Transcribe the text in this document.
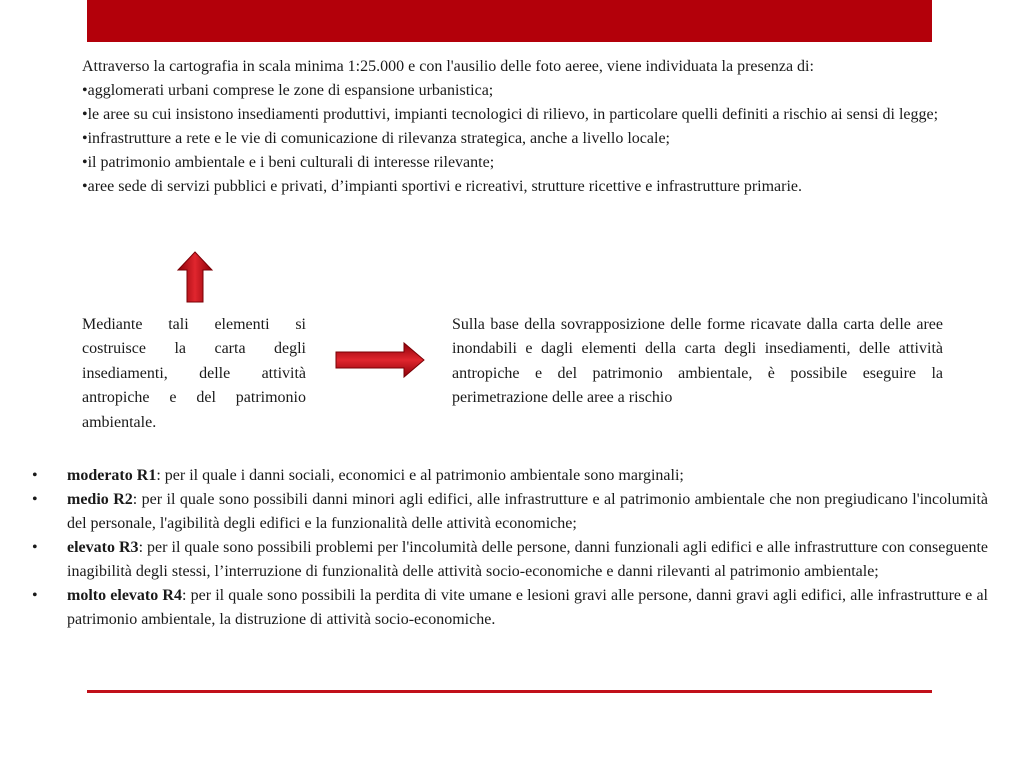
Attraverso la cartografia in scala minima 1:25.000 e con l'ausilio delle foto aeree, viene individuata la presenza di:

•agglomerati urbani comprese le zone di espansione urbanistica;

•le aree su cui insistono insediamenti produttivi, impianti tecnologici di rilievo, in particolare quelli definiti a rischio ai sensi di legge;

•infrastrutture a rete e le vie di comunicazione di rilevanza strategica, anche a livello locale;

•il patrimonio ambientale e i beni culturali di interesse rilevante;

•aree sede di servizi pubblici e privati, d’impianti sportivi e ricreativi, strutture ricettive e infrastrutture primarie.

Mediante tali elementi si costruisce la carta degli insediamenti, delle attività antropiche e del patrimonio ambientale.

Sulla base della sovrapposizione delle forme ricavate dalla carta delle aree inondabili e dagli elementi della carta degli insediamenti, delle attività antropiche e del patrimonio ambientale, è possibile eseguire la perimetrazione delle aree a rischio

• moderato R1: per il quale i danni sociali, economici e al patrimonio ambientale sono marginali;
• medio R2: per il quale sono possibili danni minori agli edifici, alle infrastrutture e al patrimonio ambientale che non pregiudicano l'incolumità del personale, l'agibilità degli edifici e la funzionalità delle attività economiche;
• elevato R3: per il quale sono possibili problemi per l'incolumità delle persone, danni funzionali agli edifici e alle infrastrutture con conseguente inagibilità degli stessi, l’interruzione di funzionalità delle attività socio-economiche e danni rilevanti al patrimonio ambientale;
• molto elevato R4: per il quale sono possibili la perdita di vite umane e lesioni gravi alle persone, danni gravi agli edifici, alle infrastrutture e al patrimonio ambientale, la distruzione di attività socio-economiche.
